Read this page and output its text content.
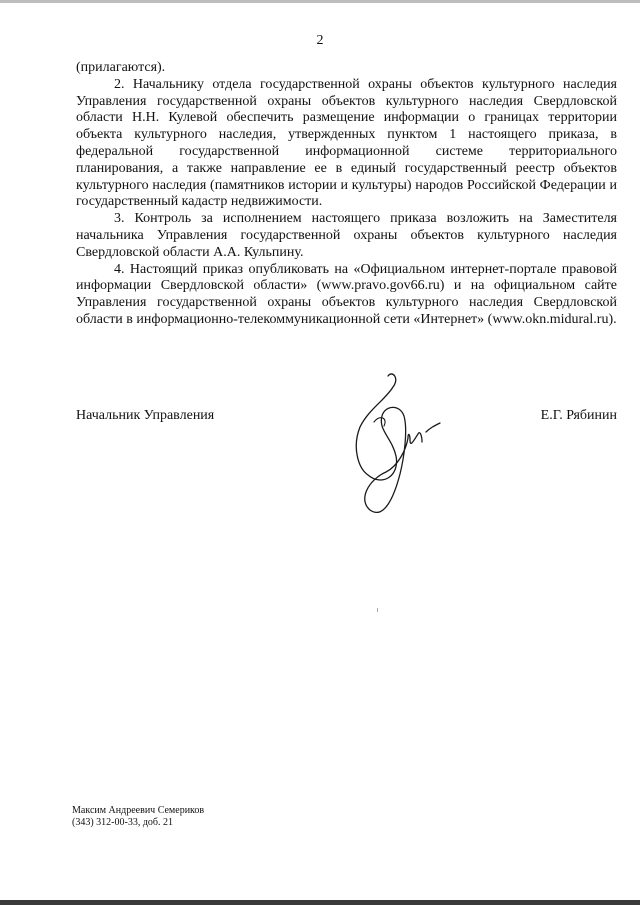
2

(прилагаются).

2. Начальнику отдела государственной охраны объектов культурного наследия Управления государственной охраны объектов культурного наследия Свердловской области Н.Н. Кулевой обеспечить размещение информации о границах территории объекта культурного наследия, утвержденных пунктом 1 настоящего приказа, в федеральной государственной информационной системе территориального планирования, а также направление ее в единый государственный реестр объектов культурного наследия (памятников истории и культуры) народов Российской Федерации и государственный кадастр недвижимости.

3. Контроль за исполнением настоящего приказа возложить на Заместителя начальника Управления государственной охраны объектов культурного наследия Свердловской области А.А. Кульпину.

4. Настоящий приказ опубликовать на «Официальном интернет-портале правовой информации Свердловской области» (www.pravo.gov66.ru) и на официальном сайте Управления государственной охраны объектов культурного наследия Свердловской области в информационно-телекоммуникационной сети «Интернет» (www.okn.midural.ru).

Начальник Управления	Е.Г. Рябинин
Максим Андреевич Семериков
(343) 312-00-33, доб. 21
